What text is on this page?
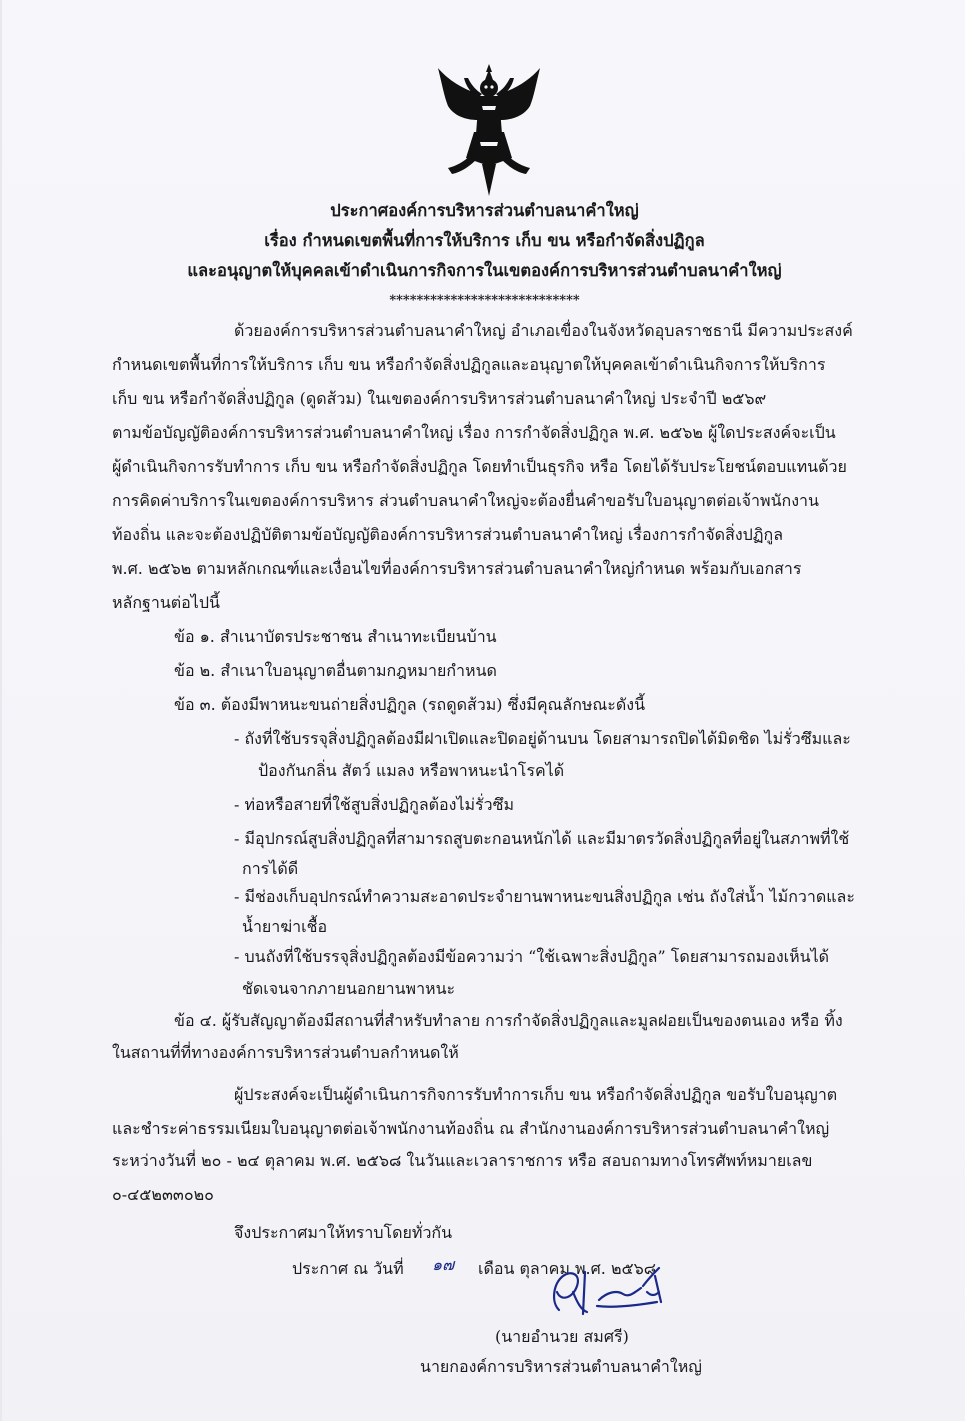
ประกาศองค์การบริหารส่วนตำบลนาคำใหญ่
เรื่อง กำหนดเขตพื้นที่การให้บริการ เก็บ ขน หรือกำจัดสิ่งปฏิกูล
และอนุญาตให้บุคคลเข้าดำเนินการกิจการในเขตองค์การบริหารส่วนตำบลนาคำใหญ่
****************************
ด้วยองค์การบริหารส่วนตำบลนาคำใหญ่ อำเภอเขื่องในจังหวัดอุบลราชธานี มีความประสงค์
กำหนดเขตพื้นที่การให้บริการ เก็บ ขน หรือกำจัดสิ่งปฏิกูลและอนุญาตให้บุคคลเข้าดำเนินกิจการให้บริการ
เก็บ ขน หรือกำจัดสิ่งปฏิกูล (ดูดส้วม) ในเขตองค์การบริหารส่วนตำบลนาคำใหญ่ ประจำปี ๒๕๖๙
ตามข้อบัญญัติองค์การบริหารส่วนตำบลนาคำใหญ่ เรื่อง การกำจัดสิ่งปฏิกูล พ.ศ. ๒๕๖๒ ผู้ใดประสงค์จะเป็น
ผู้ดำเนินกิจการรับทำการ เก็บ ขน หรือกำจัดสิ่งปฏิกูล โดยทำเป็นธุรกิจ หรือ โดยได้รับประโยชน์ตอบแทนด้วย
การคิดค่าบริการในเขตองค์การบริหาร ส่วนตำบลนาคำใหญ่จะต้องยื่นคำขอรับใบอนุญาตต่อเจ้าพนักงาน
ท้องถิ่น และจะต้องปฏิบัติตามข้อบัญญัติองค์การบริหารส่วนตำบลนาคำใหญ่ เรื่องการกำจัดสิ่งปฏิกูล
พ.ศ. ๒๕๖๒ ตามหลักเกณฑ์และเงื่อนไขที่องค์การบริหารส่วนตำบลนาคำใหญ่กำหนด พร้อมกับเอกสาร
หลักฐานต่อไปนี้
ข้อ ๑. สำเนาบัตรประชาชน สำเนาทะเบียนบ้าน
ข้อ ๒. สำเนาใบอนุญาตอื่นตามกฎหมายกำหนด
ข้อ ๓. ต้องมีพาหนะขนถ่ายสิ่งปฏิกูล (รถดูดส้วม) ซึ่งมีคุณลักษณะดังนี้
- ถังที่ใช้บรรจุสิ่งปฏิกูลต้องมีฝาเปิดและปิดอยู่ด้านบน โดยสามารถปิดได้มิดชิด ไม่รั่วซึมและ
ป้องกันกลิ่น สัตว์ แมลง หรือพาหนะนำโรคได้
- ท่อหรือสายที่ใช้สูบสิ่งปฏิกูลต้องไม่รั่วซึม
- มีอุปกรณ์สูบสิ่งปฏิกูลที่สามารถสูบตะกอนหนักได้ และมีมาตรวัดสิ่งปฏิกูลที่อยู่ในสภาพที่ใช้
การได้ดี
- มีช่องเก็บอุปกรณ์ทำความสะอาดประจำยานพาหนะขนสิ่งปฏิกูล เช่น ถังใส่น้ำ ไม้กวาดและ
น้ำยาฆ่าเชื้อ
- บนถังที่ใช้บรรจุสิ่งปฏิกูลต้องมีข้อความว่า “ใช้เฉพาะสิ่งปฏิกูล” โดยสามารถมองเห็นได้
ชัดเจนจากภายนอกยานพาหนะ
ข้อ ๔. ผู้รับสัญญาต้องมีสถานที่สำหรับทำลาย การกำจัดสิ่งปฏิกูลและมูลฝอยเป็นของตนเอง หรือ ทิ้ง
ในสถานที่ที่ทางองค์การบริหารส่วนตำบลกำหนดให้
ผู้ประสงค์จะเป็นผู้ดำเนินการกิจการรับทำการเก็บ ขน หรือกำจัดสิ่งปฏิกูล ขอรับใบอนุญาต
และชำระค่าธรรมเนียมใบอนุญาตต่อเจ้าพนักงานท้องถิ่น ณ สำนักงานองค์การบริหารส่วนตำบลนาคำใหญ่
ระหว่างวันที่ ๒๐ - ๒๔ ตุลาคม พ.ศ. ๒๕๖๘ ในวันและเวลาราชการ หรือ สอบถามทางโทรศัพท์หมายเลข
๐-๔๕๒๓๓๐๒๐
จึงประกาศมาให้ทราบโดยทั่วกัน
ประกาศ ณ วันที่ ๑๗ เดือน ตุลาคม พ.ศ. ๒๕๖๘
(นายอำนวย สมศรี)
นายกองค์การบริหารส่วนตำบลนาคำใหญ่
